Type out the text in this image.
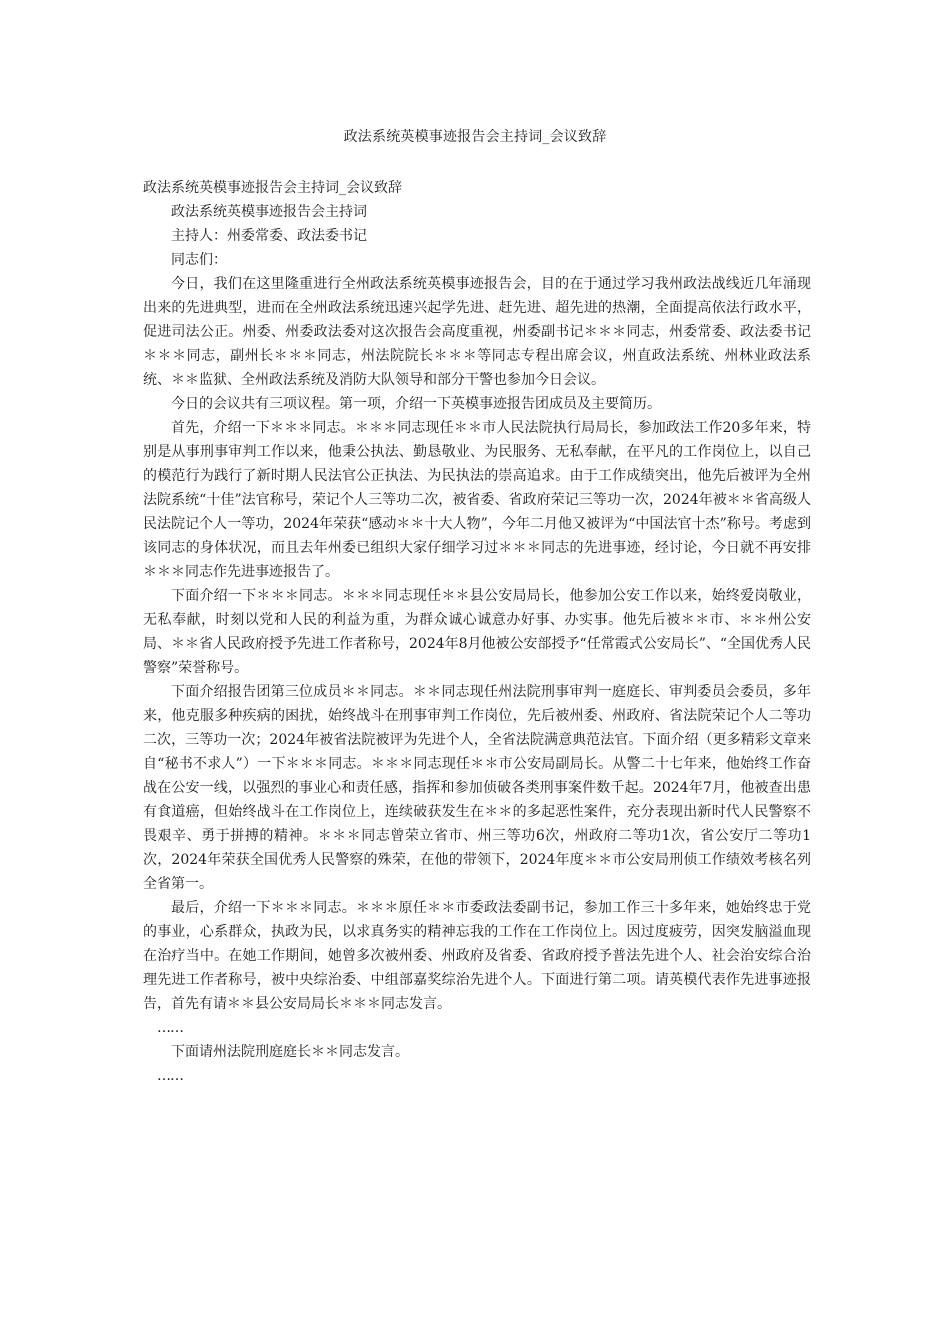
政法系统英模事迹报告会主持词_会议致辞

政法系统英模事迹报告会主持词_会议致辞

政法系统英模事迹报告会主持词

主持人：州委常委、政法委书记

同志们：

今日，我们在这里隆重进行全州政法系统英模事迹报告会，目的在于通过学习我州政法战线近几年涌现出来的先进典型，进而在全州政法系统迅速兴起学先进、赶先进、超先进的热潮，全面提高依法行政水平，促进司法公正。州委、州委政法委对这次报告会高度重视，州委副书记＊＊＊同志，州委常委、政法委书记＊＊＊同志，副州长＊＊＊同志，州法院院长＊＊＊等同志专程出席会议，州直政法系统、州林业政法系统、＊＊监狱、全州政法系统及消防大队领导和部分干警也参加今日会议。

今日的会议共有三项议程。第一项，介绍一下英模事迹报告团成员及主要简历。

首先，介绍一下＊＊＊同志。＊＊＊同志现任＊＊市人民法院执行局局长，参加政法工作20多年来，特别是从事刑事审判工作以来，他秉公执法、勤恳敬业、为民服务、无私奉献，在平凡的工作岗位上，以自己的模范行为践行了新时期人民法官公正执法、为民执法的崇高追求。由于工作成绩突出，他先后被评为全州法院系统“十佳”法官称号，荣记个人三等功二次，被省委、省政府荣记三等功一次，2024年被＊＊省高级人民法院记个人一等功，2024年荣获“感动＊＊十大人物”，今年二月他又被评为“中国法官十杰”称号。考虑到该同志的身体状况，而且去年州委已组织大家仔细学习过＊＊＊同志的先进事迹，经讨论，今日就不再安排＊＊＊同志作先进事迹报告了。

下面介绍一下＊＊＊同志。＊＊＊同志现任＊＊县公安局局长，他参加公安工作以来，始终爱岗敬业，无私奉献，时刻以党和人民的利益为重，为群众诚心诚意办好事、办实事。他先后被＊＊市、＊＊州公安局、＊＊省人民政府授予先进工作者称号，2024年8月他被公安部授予“任常霞式公安局长”、“全国优秀人民警察”荣誉称号。

下面介绍报告团第三位成员＊＊同志。＊＊同志现任州法院刑事审判一庭庭长、审判委员会委员，多年来，他克服多种疾病的困扰，始终战斗在刑事审判工作岗位，先后被州委、州政府、省法院荣记个人二等功二次，三等功一次；2024年被省法院被评为先进个人，全省法院满意典范法官。下面介绍（更多精彩文章来自“秘书不求人”）一下＊＊＊同志。＊＊＊同志现任＊＊市公安局副局长。从警二十七年来，他始终工作奋战在公安一线，以强烈的事业心和责任感，指挥和参加侦破各类刑事案件数千起。2024年7月，他被查出患有食道癌，但始终战斗在工作岗位上，连续破获发生在＊＊的多起恶性案件，充分表现出新时代人民警察不畏艰辛、勇于拼搏的精神。＊＊＊同志曾荣立省市、州三等功6次，州政府二等功1次，省公安厅二等功1次，2024年荣获全国优秀人民警察的殊荣，在他的带领下，2024年度＊＊市公安局刑侦工作绩效考核名列全省第一。

最后，介绍一下＊＊＊同志。＊＊＊原任＊＊市委政法委副书记，参加工作三十多年来，她始终忠于党的事业，心系群众，执政为民，以求真务实的精神忘我的工作在工作岗位上。因过度疲劳，因突发脑溢血现在治疗当中。在她工作期间，她曾多次被州委、州政府及省委、省政府授予普法先进个人、社会治安综合治理先进工作者称号，被中央综治委、中组部嘉奖综治先进个人。下面进行第二项。请英模代表作先进事迹报告，首先有请＊＊县公安局局长＊＊＊同志发言。

……

下面请州法院刑庭庭长＊＊同志发言。

……
